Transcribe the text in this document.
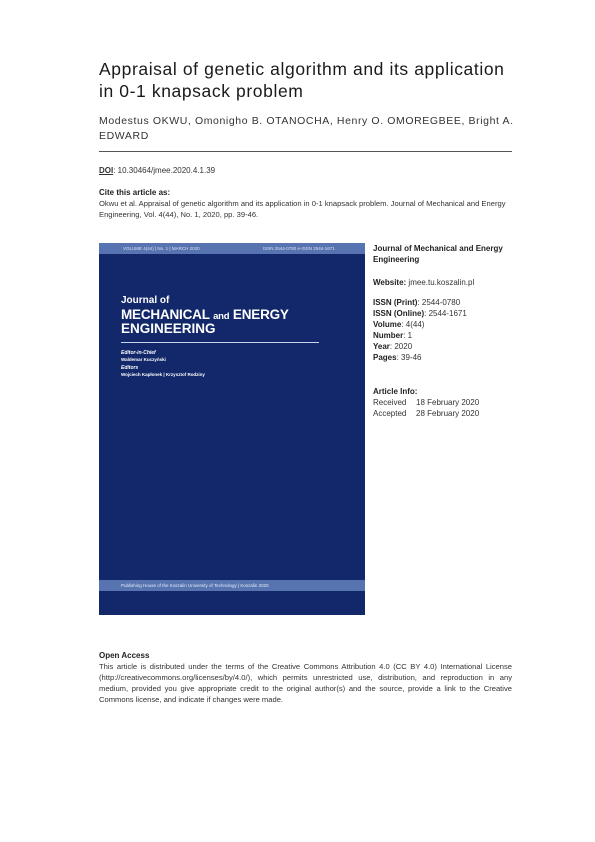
Appraisal of genetic algorithm and its application in 0-1 knapsack problem
Modestus OKWU, Omonigho B. OTANOCHA, Henry O. OMOREGBEE, Bright A. EDWARD
DOI: 10.30464/jmee.2020.4.1.39
Cite this article as:
Okwu et al. Appraisal of genetic algorithm and its application in 0-1 knapsack problem. Journal of Mechanical and Energy Engineering, Vol. 4(44), No. 1, 2020, pp. 39-46.
VOLUME 4(44) | No. 1 | MARCH 2020	ISSN 2544-0780 e-ISSN 2544-1671
Journal of
MECHANICAL and ENERGY
ENGINEERING
Editor-in-Chief
Waldemar Kuczyński
Editors
Wojciech Kapłonek | Krzysztof Rodziny
Publishing House of the Koszalin University of Technology | Koszalin 2020
Journal of Mechanical and Energy Engineering
Website: jmee.tu.koszalin.pl
ISSN (Print): 2544-0780
ISSN (Online): 2544-1671
Volume: 4(44)
Number: 1
Year: 2020
Pages: 39-46
Article Info:
Received 18 February 2020
Accepted 28 February 2020
Open Access
This article is distributed under the terms of the Creative Commons Attribution 4.0 (CC BY 4.0) International License (http://creativecommons.org/licenses/by/4.0/), which permits unrestricted use, distribution, and reproduction in any medium, provided you give appropriate credit to the original author(s) and the source, provide a link to the Creative Commons license, and indicate if changes were made.
